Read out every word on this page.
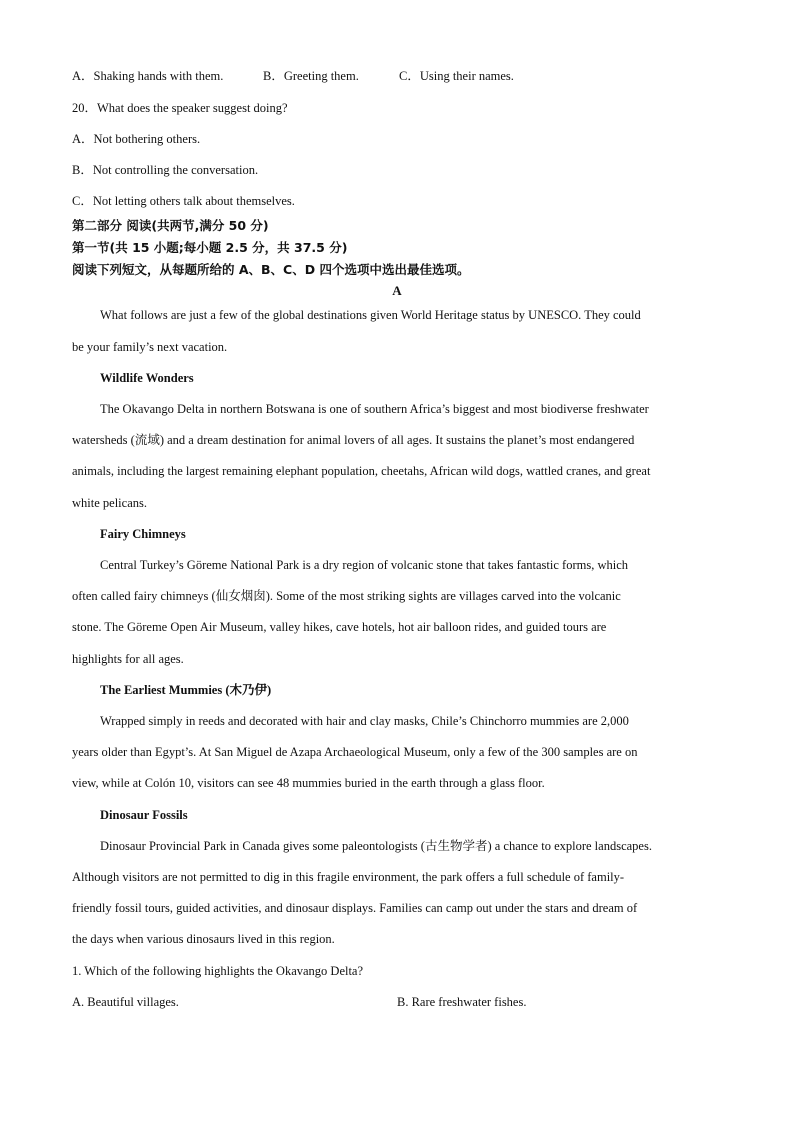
A．Shaking hands with them.	B．Greeting them.	C．Using their names.
20．What does the speaker suggest doing?
A．Not bothering others.
B．Not controlling the conversation.
C．Not letting others talk about themselves.
第二部分 阅读(共两节,满分 50 分)
第一节(共 15 小题;每小题 2.5 分，共 37.5 分)
阅读下列短文，从每题所给的 A、B、C、D 四个选项中选出最佳选项。
A
What follows are just a few of the global destinations given World Heritage status by UNESCO. They could
be your family’s next vacation.
Wildlife Wonders
The Okavango Delta in northern Botswana is one of southern Africa’s biggest and most biodiverse freshwater
watersheds (流域) and a dream destination for animal lovers of all ages. It sustains the planet’s most endangered
animals, including the largest remaining elephant population, cheetahs, African wild dogs, wattled cranes, and great
white pelicans.
Fairy Chimneys
Central Turkey’s Göreme National Park is a dry region of volcanic stone that takes fantastic forms, which
often called fairy chimneys (仙女烟囱). Some of the most striking sights are villages carved into the volcanic
stone. The Göreme Open Air Museum, valley hikes, cave hotels, hot air balloon rides, and guided tours are
highlights for all ages.
The Earliest Mummies (木乃伊)
Wrapped simply in reeds and decorated with hair and clay masks, Chile’s Chinchorro mummies are 2,000
years older than Egypt’s. At San Miguel de Azapa Archaeological Museum, only a few of the 300 samples are on
view, while at Colón 10, visitors can see 48 mummies buried in the earth through a glass floor.
Dinosaur Fossils
Dinosaur Provincial Park in Canada gives some paleontologists (古生物学者) a chance to explore landscapes.
Although visitors are not permitted to dig in this fragile environment, the park offers a full schedule of family-
friendly fossil tours, guided activities, and dinosaur displays. Families can camp out under the stars and dream of
the days when various dinosaurs lived in this region.
1. Which of the following highlights the Okavango Delta?
A. Beautiful villages.	B. Rare freshwater fishes.
